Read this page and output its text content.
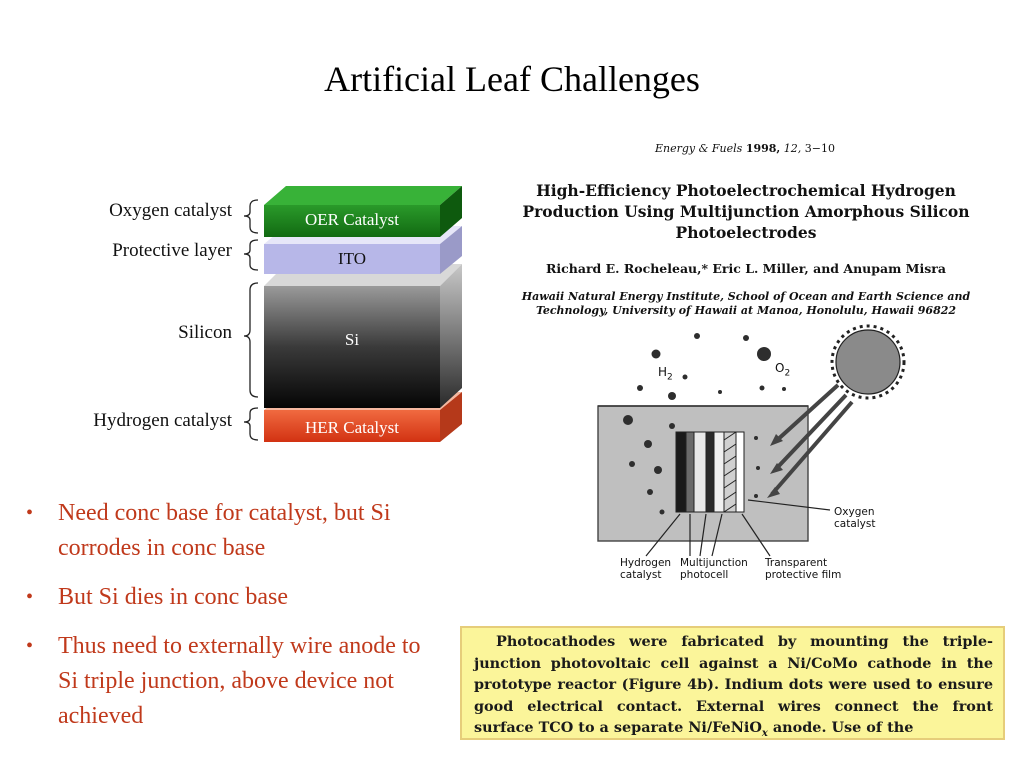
Artificial Leaf Challenges
OER Catalyst
ITO
Si
HER Catalyst
Oxygen catalyst
Protective layer
Silicon
Hydrogen catalyst
• Need conc base for catalyst, but Si corrodes in conc base
• But Si dies in conc base
• Thus need to externally wire anode to Si triple junction, above device not achieved
Energy & Fuels 1998, 12, 3−10
High-Efficiency Photoelectrochemical Hydrogen Production Using Multijunction Amorphous Silicon Photoelectrodes
Richard E. Rocheleau,* Eric L. Miller, and Anupam Misra
Hawaii Natural Energy Institute, School of Ocean and Earth Science and Technology, University of Hawaii at Manoa, Honolulu, Hawaii 96822
$H_2$
$O_2$
Oxygen
catalyst
Hydrogen
catalyst
Multijunction
photocell
Transparent
protective film
Photocathodes were fabricated by mounting the triple-junction photovoltaic cell against a Ni/CoMo cathode in the prototype reactor (Figure 4b). Indium dots were used to ensure good electrical contact. External wires connect the front surface TCO to a separate Ni/FeNiO$_x$ anode. Use of the
